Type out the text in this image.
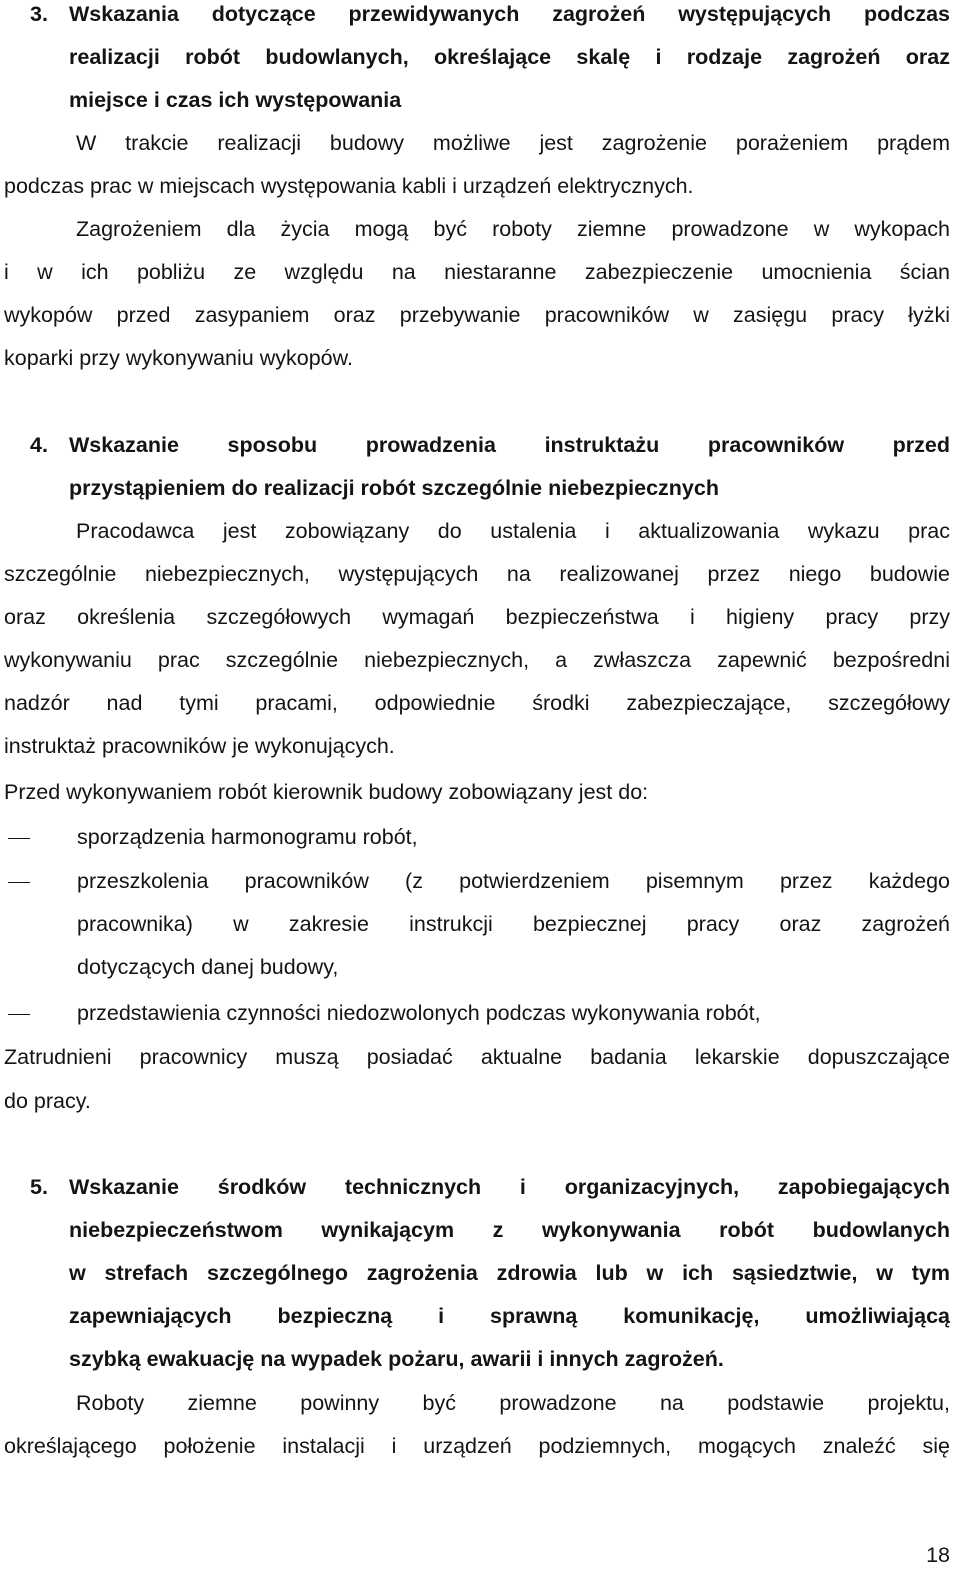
3. Wskazania dotyczące przewidywanych zagrożeń występujących podczas
realizacji robót budowlanych, określające skalę i rodzaje zagrożeń oraz
miejsce i czas ich występowania
W trakcie realizacji budowy możliwe jest zagrożenie porażeniem prądem
podczas prac w miejscach występowania kabli i urządzeń elektrycznych.
Zagrożeniem dla życia mogą być roboty ziemne prowadzone w wykopach
i w ich pobliżu ze względu na niestaranne zabezpieczenie umocnienia ścian
wykopów przed zasypaniem oraz przebywanie pracowników w zasięgu pracy łyżki
koparki przy wykonywaniu wykopów.
4. Wskazanie sposobu prowadzenia instruktażu pracowników przed
przystąpieniem do realizacji robót szczególnie niebezpiecznych
Pracodawca jest zobowiązany do ustalenia i aktualizowania wykazu prac
szczególnie niebezpiecznych, występujących na realizowanej przez niego budowie
oraz określenia szczegółowych wymagań bezpieczeństwa i higieny pracy przy
wykonywaniu prac szczególnie niebezpiecznych, a zwłaszcza zapewnić bezpośredni
nadzór nad tymi pracami, odpowiednie środki zabezpieczające, szczegółowy
instruktaż pracowników je wykonujących.
Przed wykonywaniem robót kierownik budowy zobowiązany jest do:
sporządzenia harmonogramu robót,
przeszkolenia pracowników (z potwierdzeniem pisemnym przez każdego
pracownika) w zakresie instrukcji bezpiecznej pracy oraz zagrożeń
dotyczących danej budowy,
przedstawienia czynności niedozwolonych podczas wykonywania robót,
Zatrudnieni pracownicy muszą posiadać aktualne badania lekarskie dopuszczające
do pracy.
5. Wskazanie środków technicznych i organizacyjnych, zapobiegających
niebezpieczeństwom wynikającym z wykonywania robót budowlanych
w strefach szczególnego zagrożenia zdrowia lub w ich sąsiedztwie, w tym
zapewniających bezpieczną i sprawną komunikację, umożliwiającą
szybką ewakuację na wypadek pożaru, awarii i innych zagrożeń.
Roboty ziemne powinny być prowadzone na podstawie projektu,
określającego położenie instalacji i urządzeń podziemnych, mogących znaleźć się
18
